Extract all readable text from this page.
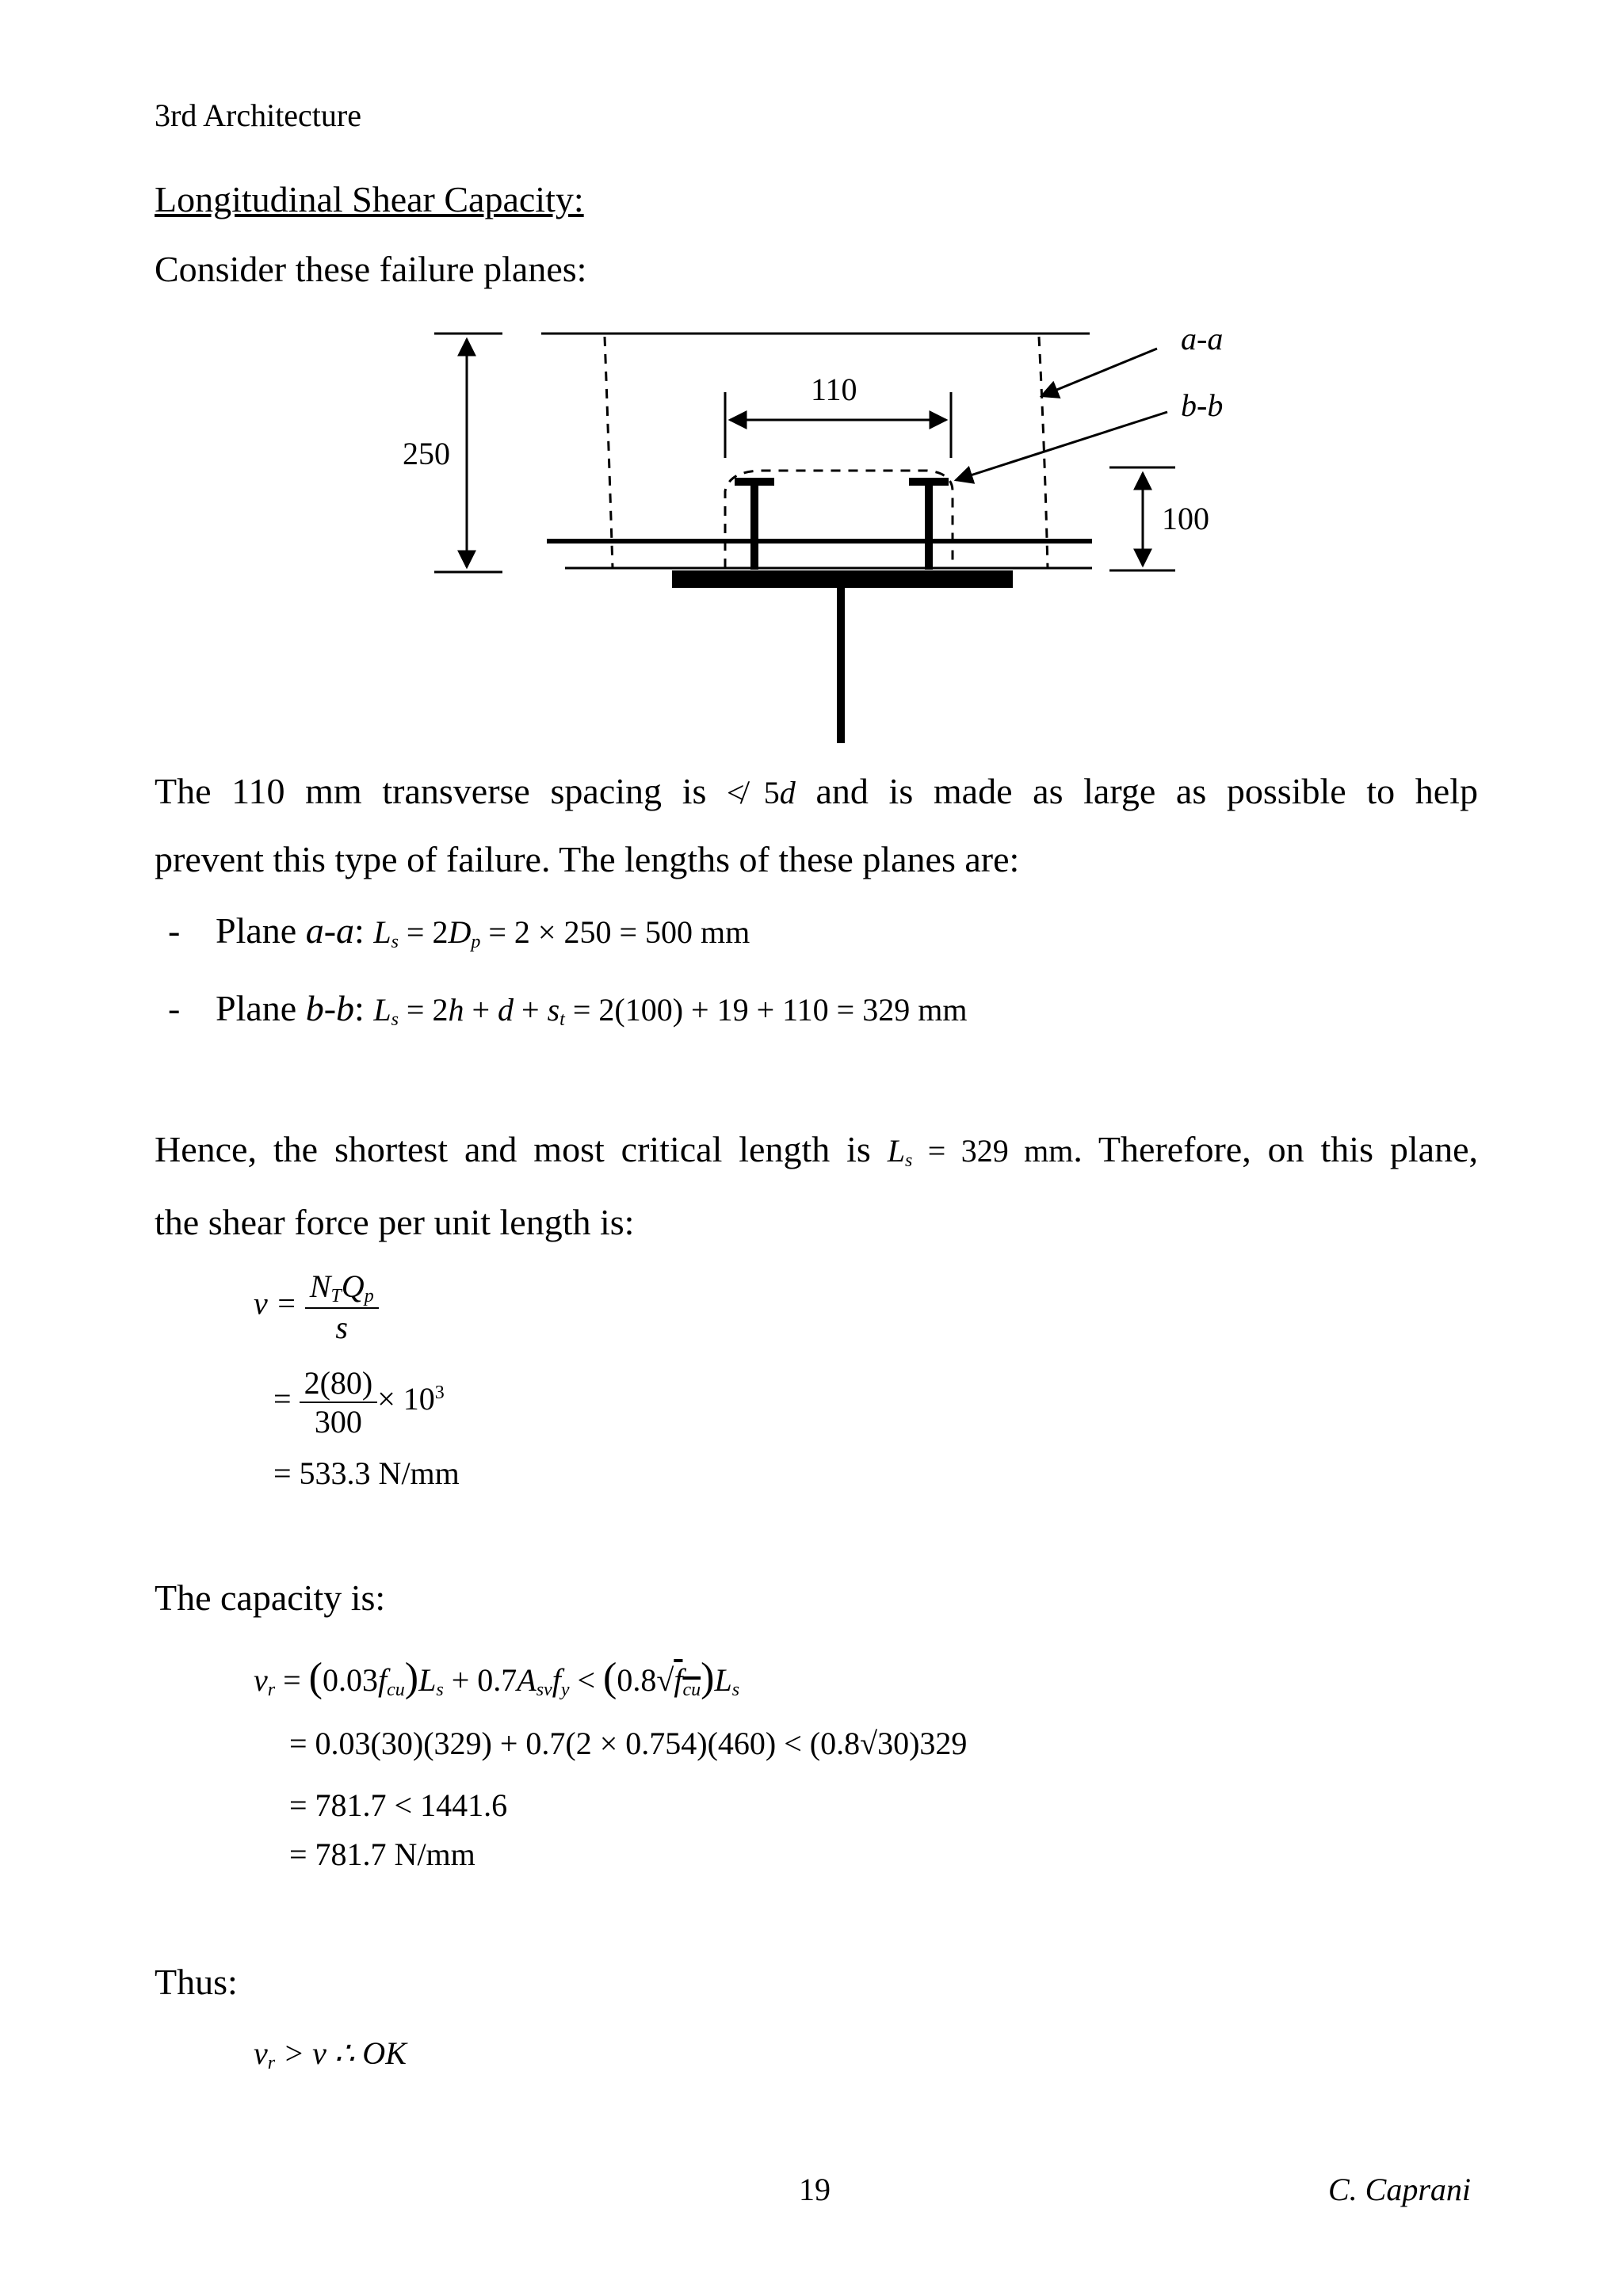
3rd Architecture
Longitudinal Shear Capacity:
Consider these failure planes:
250
110
100
a-a
b-b
The 110 mm transverse spacing is ≮ 5d and is made as large as possible to help
prevent this type of failure. The lengths of these planes are:
- Plane a-a: $L_s = 2D_p = 2 \times 250 = 500$ mm
- Plane b-b: $L_s = 2h + d + s_t = 2(100) + 19 + 110 = 329$ mm
Hence, the shortest and most critical length is $L_s = 329$ mm. Therefore, on this plane,
the shear force per unit length is:
$v = \frac{N_TQ_p}{s}$
= $\frac{2(80)}{300} \times 10^3$
= 533.3 N/mm
The capacity is:
$v_r = (0.03f_{cu})L_s + 0.7A_{sv}f_y < (0.8√f_{cu})L_s$
= 0.03(30)(329) + 0.7(2 × 0.754)(460) < (0.8√30)329
= 781.7 < 1441.6
= 781.7 N/mm
Thus:
$v_r > v$ ∴ OK
19	C. Caprani
